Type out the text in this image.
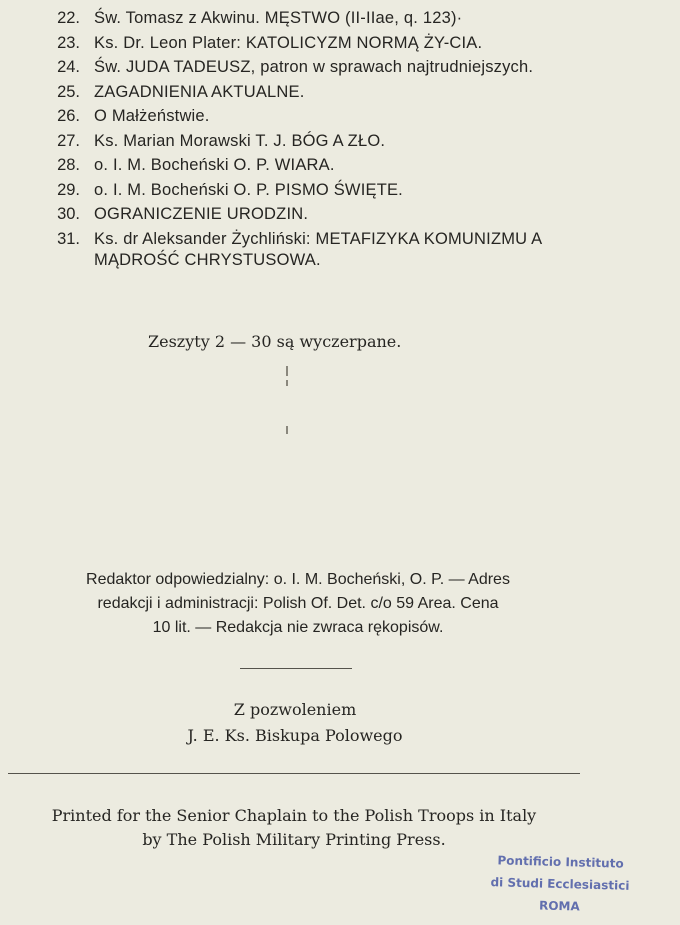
22. Św. Tomasz z Akwinu. MĘSTWO (II-IIae, q. 123)·
23. Ks. Dr. Leon Plater: KATOLICYZM NORMĄ ŻY-CIA.
24. Św. JUDA TADEUSZ, patron w sprawach najtrudniejszych.
25. ZAGADNIENIA AKTUALNE.
26. O Małżeństwie.
27. Ks. Marian Morawski T. J. BÓG A ZŁO.
28. o. I. M. Bocheński O. P. WIARA.
29. o. I. M. Bocheński O. P. PISMO ŚWIĘTE.
30. OGRANICZENIE URODZIN.
31. Ks. dr Aleksander Żychliński: METAFIZYKA KOMUNIZMU A MĄDROŚĆ CHRYSTUSOWA.
Zeszyty 2 — 30 są wyczerpane.
Redaktor odpowiedzialny: o. I. M. Bocheński, O. P. — Adres
redakcji i administracji: Polish Of. Det. c/o 59 Area. Cena
10 lit. — Redakcja nie zwraca rękopisów.
Z pozwoleniem
J. E. Ks. Biskupa Polowego
Printed for the Senior Chaplain to the Polish Troops in Italy
by The Polish Military Printing Press.
Pontificio Instituto
di Studi Ecclesiastici
ROMA
